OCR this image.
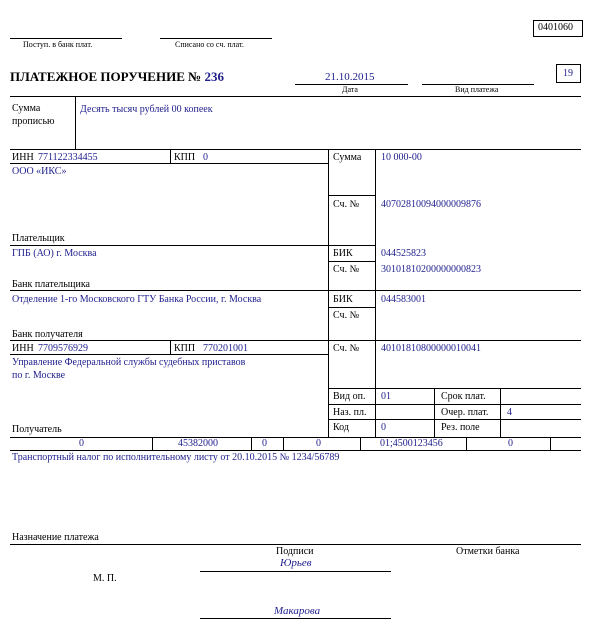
0401060
Поступ. в банк плат.	Списано со сч. плат.
ПЛАТЕЖНОЕ ПОРУЧЕНИЕ № 236	21.10.2015
Дата	Вид платежа
19
Сумма
прописью
Десять тысяч рублей 00 копеек
ИНН 771122334455	КПП 0
ООО «ИКС»
Сумма 10 000-00
Сч. № 40702810094000009876
Плательщик
ГПБ (АО) г. Москва	БИК	044525823
Сч. № 30101810200000000823
Банк плательщика
Отделение 1-го Московского ГТУ Банка России, г. Москва	БИК	044583001
Сч. №
Банк получателя
ИНН 7709576929	КПП 770201001
Управление Федеральной службы судебных приставов
по г. Москве
Сч. № 40101810800000010041
Вид оп. 01	Срок плат.
Наз. пл.	Очер. плат. 4
Код	0	Рез. поле
Получатель
0	45382000	0	0	01;4500123456	0
Транспортный налог по исполнительному листу от 20.10.2015 № 1234/56789
Назначение платежа
Подписи	Отметки банка
Юрьев
М. П.
Макарова
